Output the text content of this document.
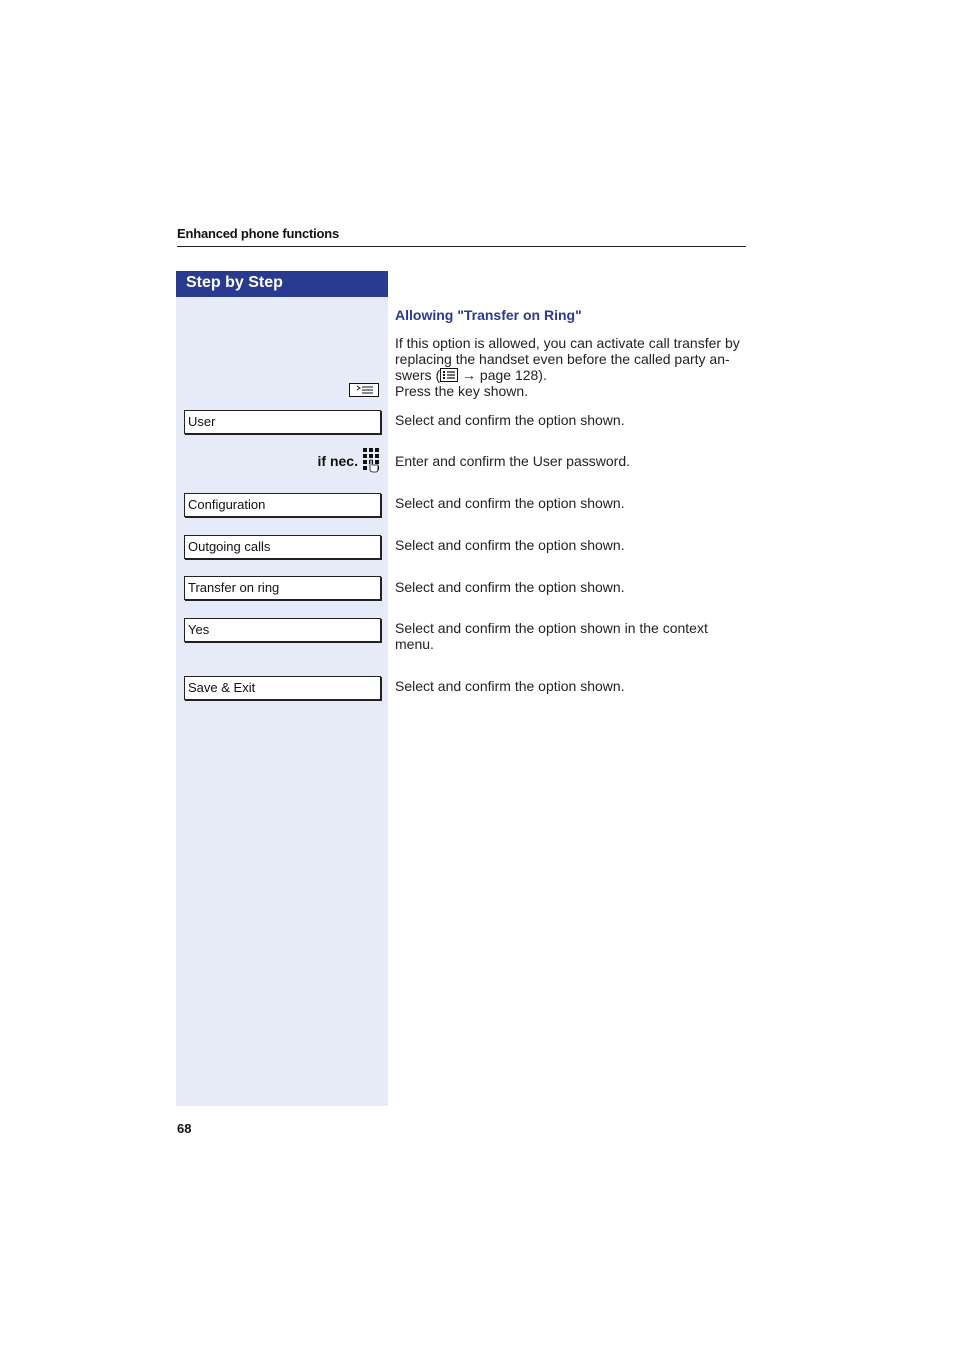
Enhanced phone functions
Step by Step
Allowing "Transfer on Ring"
If this option is allowed, you can activate call transfer by
replacing the handset even before the called party an-
swers ( → page 128).
Press the key shown.
User	Select and confirm the option shown.
if nec.	Enter and confirm the User password.
Configuration	Select and confirm the option shown.
Outgoing calls	Select and confirm the option shown.
Transfer on ring	Select and confirm the option shown.
Yes	Select and confirm the option shown in the context
menu.
Save & Exit	Select and confirm the option shown.
68
